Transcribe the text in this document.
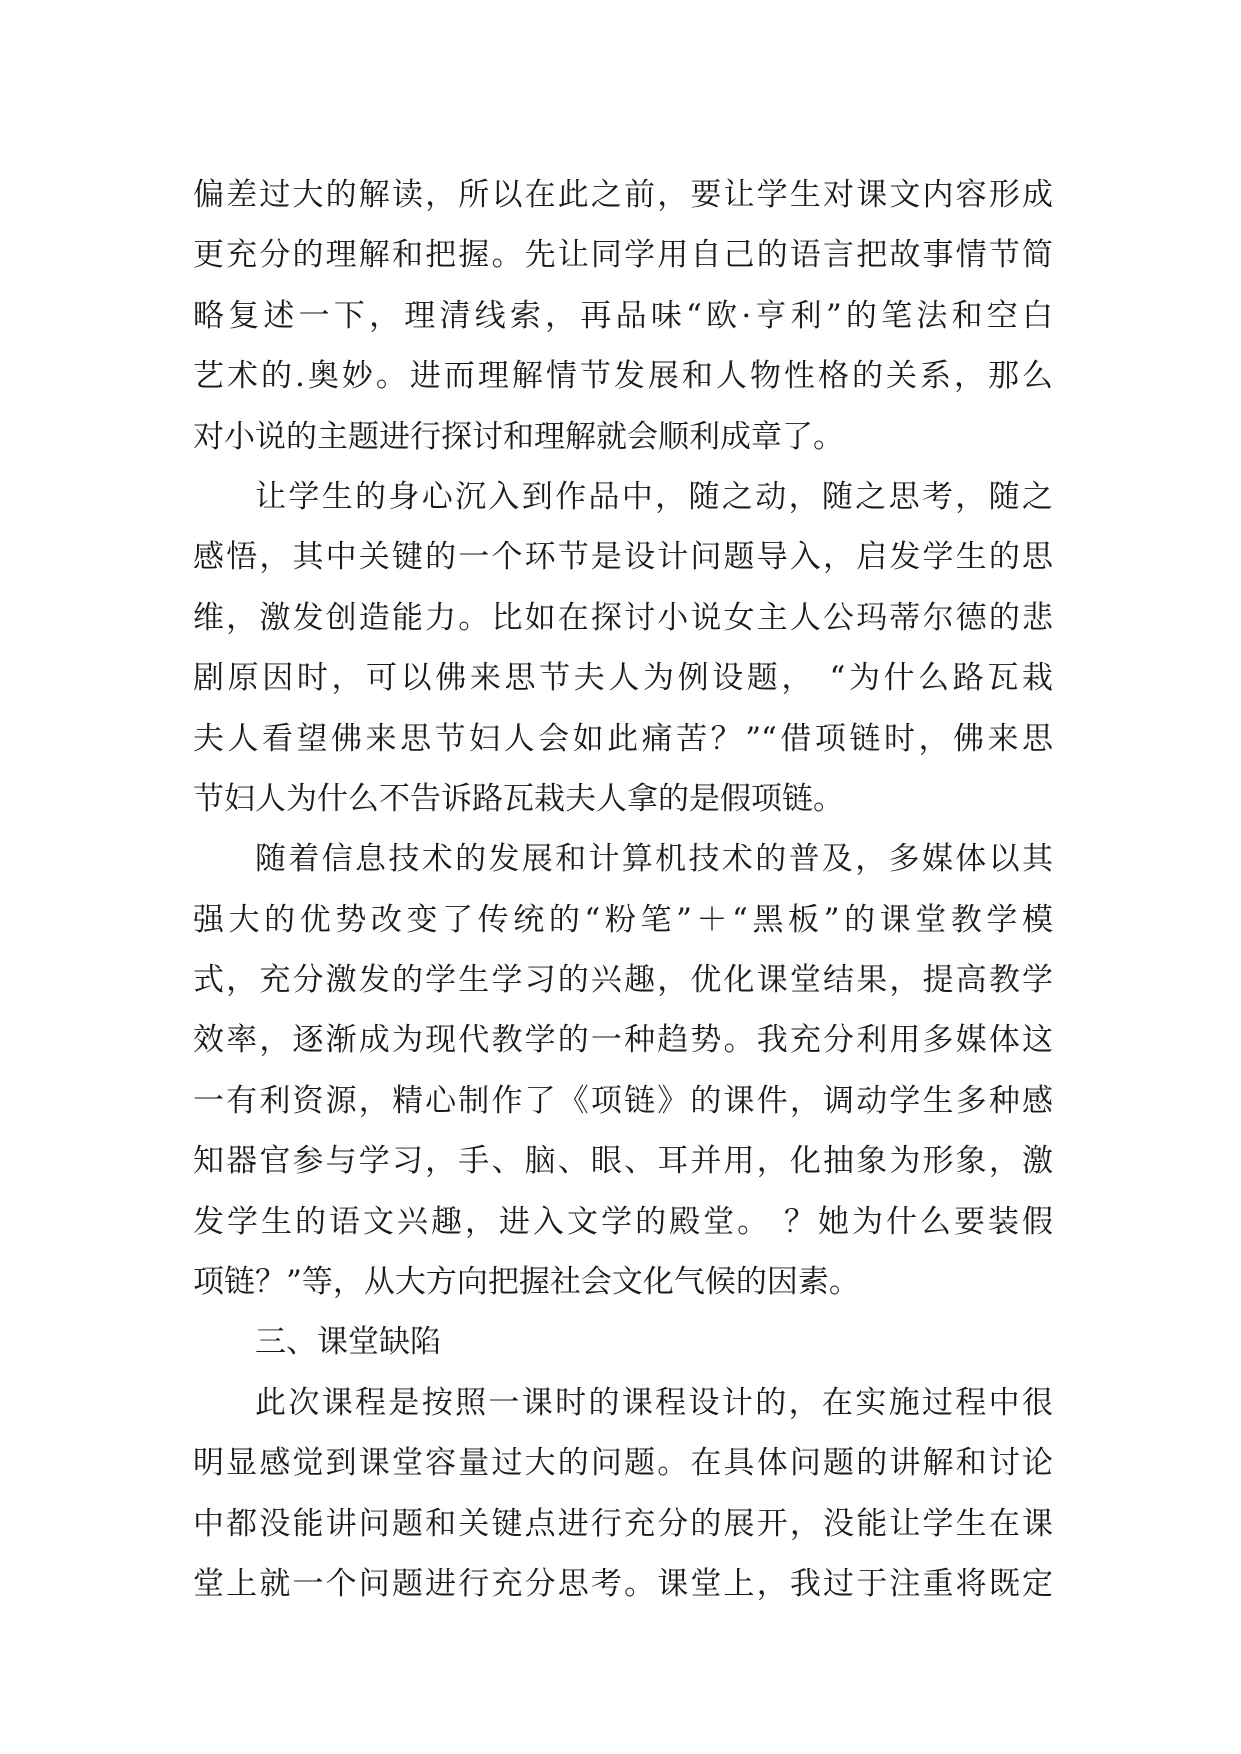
偏差过大的解读，所以在此之前，要让学生对课文内容形成
更充分的理解和把握。先让同学用自己的语言把故事情节简
略复述一下，理清线索，再品味“欧·亨利”的笔法和空白
艺术的.奥妙。进而理解情节发展和人物性格的关系，那么
对小说的主题进行探讨和理解就会顺利成章了。
让学生的身心沉入到作品中，随之动，随之思考，随之
感悟，其中关键的一个环节是设计问题导入，启发学生的思
维，激发创造能力。比如在探讨小说女主人公玛蒂尔德的悲
剧原因时，可以佛来思节夫人为例设题， “为什么路瓦栽
夫人看望佛来思节妇人会如此痛苦？”“借项链时，佛来思
节妇人为什么不告诉路瓦栽夫人拿的是假项链。
随着信息技术的发展和计算机技术的普及，多媒体以其
强大的优势改变了传统的“粉笔”＋“黑板”的课堂教学模
式，充分激发的学生学习的兴趣，优化课堂结果，提高教学
效率，逐渐成为现代教学的一种趋势。我充分利用多媒体这
一有利资源，精心制作了《项链》的课件，调动学生多种感
知器官参与学习，手、脑、眼、耳并用，化抽象为形象，激
发学生的语文兴趣，进入文学的殿堂。 ？她为什么要装假
项链？”等，从大方向把握社会文化气候的因素。
三、课堂缺陷
此次课程是按照一课时的课程设计的，在实施过程中很
明显感觉到课堂容量过大的问题。在具体问题的讲解和讨论
中都没能讲问题和关键点进行充分的展开，没能让学生在课
堂上就一个问题进行充分思考。课堂上，我过于注重将既定
